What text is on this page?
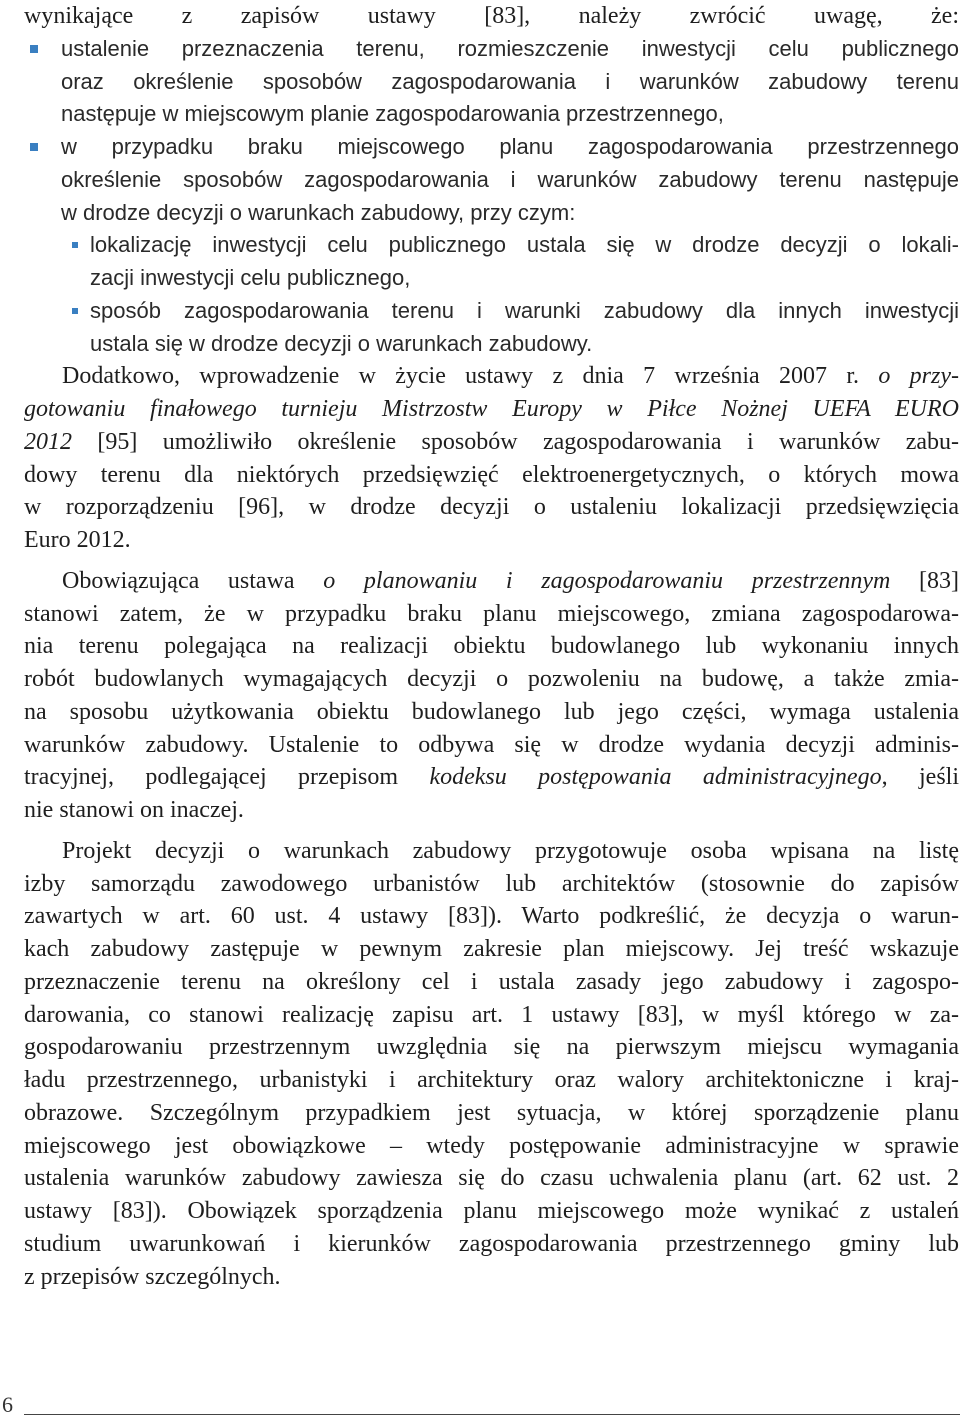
wynikające z zapisów ustawy [83], należy zwrócić uwagę, że:
ustalenie przeznaczenia terenu, rozmieszczenie inwestycji celu publicznego
oraz określenie sposobów zagospodarowania i warunków zabudowy terenu
następuje w miejscowym planie zagospodarowania przestrzennego,
w przypadku braku miejscowego planu zagospodarowania przestrzennego
określenie sposobów zagospodarowania i warunków zabudowy terenu następuje
w drodze decyzji o warunkach zabudowy, przy czym:
lokalizację inwestycji celu publicznego ustala się w drodze decyzji o lokali-
zacji inwestycji celu publicznego,
sposób zagospodarowania terenu i warunki zabudowy dla innych inwestycji
ustala się w drodze decyzji o warunkach zabudowy.
Dodatkowo, wprowadzenie w życie ustawy z dnia 7 września 2007 r. o przy-
gotowaniu finałowego turnieju Mistrzostw Europy w Piłce Nożnej UEFA EURO
2012 [95] umożliwiło określenie sposobów zagospodarowania i warunków zabu-
dowy terenu dla niektórych przedsięwzięć elektroenergetycznych, o których mowa
w rozporządzeniu [96], w drodze decyzji o ustaleniu lokalizacji przedsięwzięcia
Euro 2012.
Obowiązująca ustawa o planowaniu i zagospodarowaniu przestrzennym [83]
stanowi zatem, że w przypadku braku planu miejscowego, zmiana zagospodarowa-
nia terenu polegająca na realizacji obiektu budowlanego lub wykonaniu innych
robót budowlanych wymagających decyzji o pozwoleniu na budowę, a także zmia-
na sposobu użytkowania obiektu budowlanego lub jego części, wymaga ustalenia
warunków zabudowy. Ustalenie to odbywa się w drodze wydania decyzji adminis-
tracyjnej, podlegającej przepisom kodeksu postępowania administracyjnego, jeśli
nie stanowi on inaczej.
Projekt decyzji o warunkach zabudowy przygotowuje osoba wpisana na listę
izby samorządu zawodowego urbanistów lub architektów (stosownie do zapisów
zawartych w art. 60 ust. 4 ustawy [83]). Warto podkreślić, że decyzja o warun-
kach zabudowy zastępuje w pewnym zakresie plan miejscowy. Jej treść wskazuje
przeznaczenie terenu na określony cel i ustala zasady jego zabudowy i zagospo-
darowania, co stanowi realizację zapisu art. 1 ustawy [83], w myśl którego w za-
gospodarowaniu przestrzennym uwzględnia się na pierwszym miejscu wymagania
ładu przestrzennego, urbanistyki i architektury oraz walory architektoniczne i kraj-
obrazowe. Szczególnym przypadkiem jest sytuacja, w której sporządzenie planu
miejscowego jest obowiązkowe – wtedy postępowanie administracyjne w sprawie
ustalenia warunków zabudowy zawiesza się do czasu uchwalenia planu (art. 62 ust. 2
ustawy [83]). Obowiązek sporządzenia planu miejscowego może wynikać z ustaleń
studium uwarunkowań i kierunków zagospodarowania przestrzennego gminy lub
z przepisów szczególnych.
6
